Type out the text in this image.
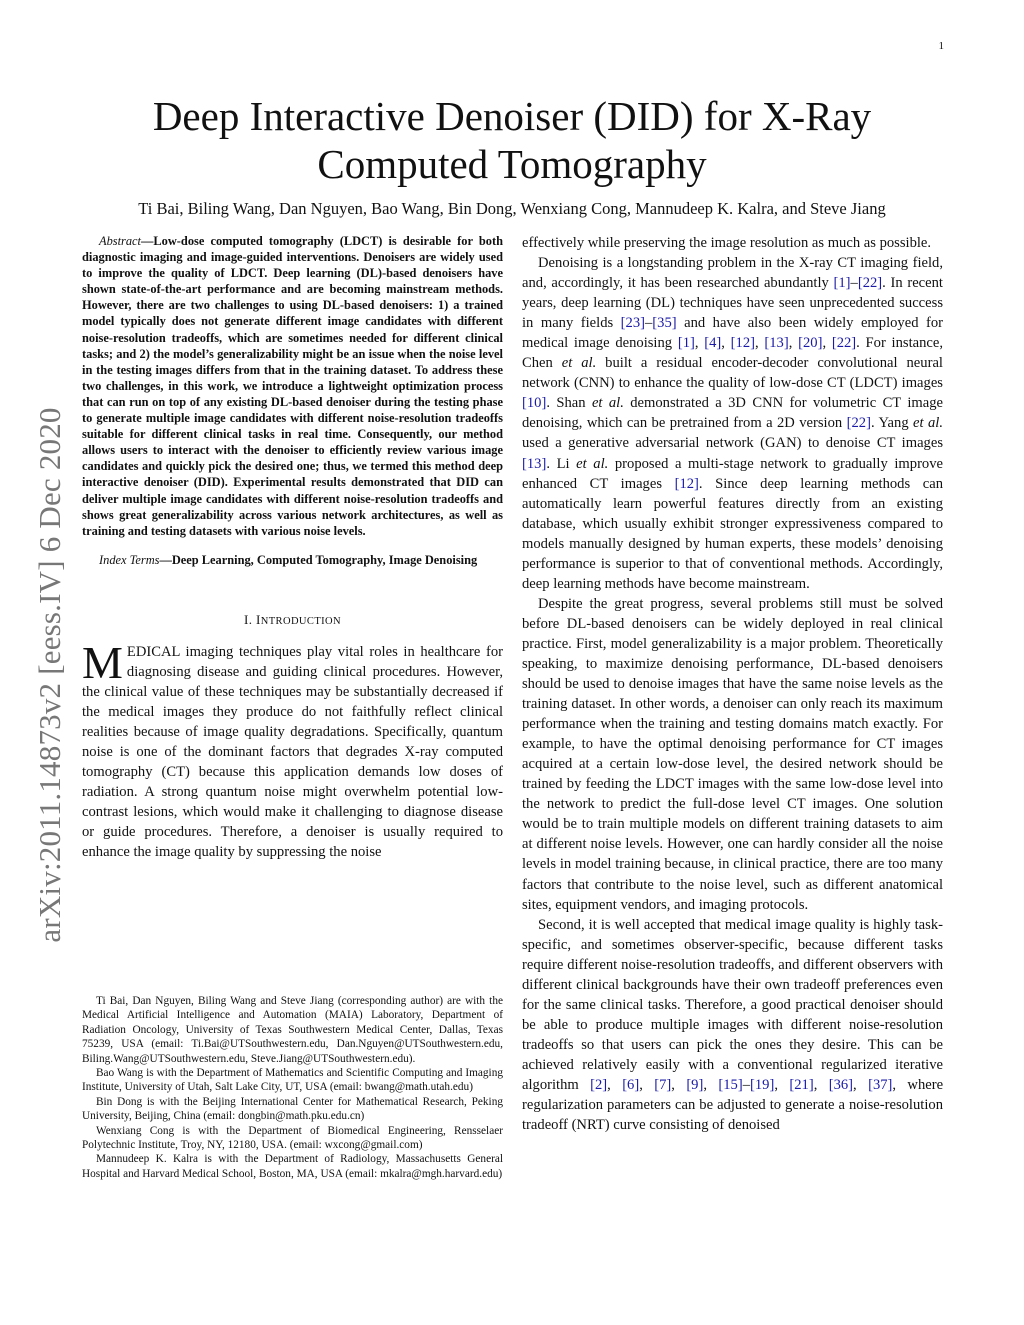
1
arXiv:2011.14873v2 [eess.IV] 6 Dec 2020
Deep Interactive Denoiser (DID) for X-Ray
Computed Tomography
Ti Bai, Biling Wang, Dan Nguyen, Bao Wang, Bin Dong, Wenxiang Cong, Mannudeep K. Kalra, and Steve Jiang

Abstract—Low-dose computed tomography (LDCT) is desirable for both diagnostic imaging and image-guided interventions. Denoisers are widely used to improve the quality of LDCT. Deep learning (DL)-based denoisers have shown state-of-the-art performance and are becoming mainstream methods. However, there are two challenges to using DL-based denoisers: 1) a trained model typically does not generate different image candidates with different noise-resolution tradeoffs, which are sometimes needed for different clinical tasks; and 2) the model’s generalizability might be an issue when the noise level in the testing images differs from that in the training dataset. To address these two challenges, in this work, we introduce a lightweight optimization process that can run on top of any existing DL-based denoiser during the testing phase to generate multiple image candidates with different noise-resolution tradeoffs suitable for different clinical tasks in real time. Consequently, our method allows users to interact with the denoiser to efficiently review various image candidates and quickly pick the desired one; thus, we termed this method deep interactive denoiser (DID). Experimental results demonstrated that DID can deliver multiple image candidates with different noise-resolution tradeoffs and shows great generalizability across various network architectures, as well as training and testing datasets with various noise levels.

Index Terms—Deep Learning, Computed Tomography, Image Denoising

I. INTRODUCTION

MEDICAL imaging techniques play vital roles in healthcare for diagnosing disease and guiding clinical procedures. However, the clinical value of these techniques may be substantially decreased if the medical images they produce do not faithfully reflect clinical realities because of image quality degradations. Specifically, quantum noise is one of the dominant factors that degrades X-ray computed tomography (CT) because this application demands low doses of radiation. A strong quantum noise might overwhelm potential low-contrast lesions, which would make it challenging to diagnose disease or guide procedures. Therefore, a denoiser is usually required to enhance the image quality by suppressing the noise

Ti Bai, Dan Nguyen, Biling Wang and Steve Jiang (corresponding author) are with the Medical Artificial Intelligence and Automation (MAIA) Laboratory, Department of Radiation Oncology, University of Texas Southwestern Medical Center, Dallas, Texas 75239, USA (email: Ti.Bai@UTSouthwestern.edu, Dan.Nguyen@UTSouthwestern.edu, Biling.Wang@UTSouthwestern.edu, Steve.Jiang@UTSouthwestern.edu).

Bao Wang is with the Department of Mathematics and Scientific Computing and Imaging Institute, University of Utah, Salt Lake City, UT, USA (email: bwang@math.utah.edu)

Bin Dong is with the Beijing International Center for Mathematical Research, Peking University, Beijing, China (email: dongbin@math.pku.edu.cn)

Wenxiang Cong is with the Department of Biomedical Engineering, Rensselaer Polytechnic Institute, Troy, NY, 12180, USA. (email: wxcong@gmail.com)

Mannudeep K. Kalra is with the Department of Radiology, Massachusetts General Hospital and Harvard Medical School, Boston, MA, USA (email: mkalra@mgh.harvard.edu)

effectively while preserving the image resolution as much as possible.

Denoising is a longstanding problem in the X-ray CT imaging field, and, accordingly, it has been researched abundantly [1]–[22]. In recent years, deep learning (DL) techniques have seen unprecedented success in many fields [23]–[35] and have also been widely employed for medical image denoising [1], [4], [12], [13], [20], [22]. For instance, Chen et al. built a residual encoder-decoder convolutional neural network (CNN) to enhance the quality of low-dose CT (LDCT) images [10]. Shan et al. demonstrated a 3D CNN for volumetric CT image denoising, which can be pretrained from a 2D version [22]. Yang et al. used a generative adversarial network (GAN) to denoise CT images [13]. Li et al. proposed a multi-stage network to gradually improve enhanced CT images [12]. Since deep learning methods can automatically learn powerful features directly from an existing database, which usually exhibit stronger expressiveness compared to models manually designed by human experts, these models’ denoising performance is superior to that of conventional methods. Accordingly, deep learning methods have become mainstream.

Despite the great progress, several problems still must be solved before DL-based denoisers can be widely deployed in real clinical practice. First, model generalizability is a major problem. Theoretically speaking, to maximize denoising performance, DL-based denoisers should be used to denoise images that have the same noise levels as the training dataset. In other words, a denoiser can only reach its maximum performance when the training and testing domains match exactly. For example, to have the optimal denoising performance for CT images acquired at a certain low-dose level, the desired network should be trained by feeding the LDCT images with the same low-dose level into the network to predict the full-dose level CT images. One solution would be to train multiple models on different training datasets to aim at different noise levels. However, one can hardly consider all the noise levels in model training because, in clinical practice, there are too many factors that contribute to the noise level, such as different anatomical sites, equipment vendors, and imaging protocols.

Second, it is well accepted that medical image quality is highly task-specific, and sometimes observer-specific, because different tasks require different noise-resolution tradeoffs, and different observers with different clinical backgrounds have their own tradeoff preferences even for the same clinical tasks. Therefore, a good practical denoiser should be able to produce multiple images with different noise-resolution tradeoffs so that users can pick the ones they desire. This can be achieved relatively easily with a conventional regularized iterative algorithm [2], [6], [7], [9], [15]–[19], [21], [36], [37], where regularization parameters can be adjusted to generate a noise-resolution tradeoff (NRT) curve consisting of denoised
